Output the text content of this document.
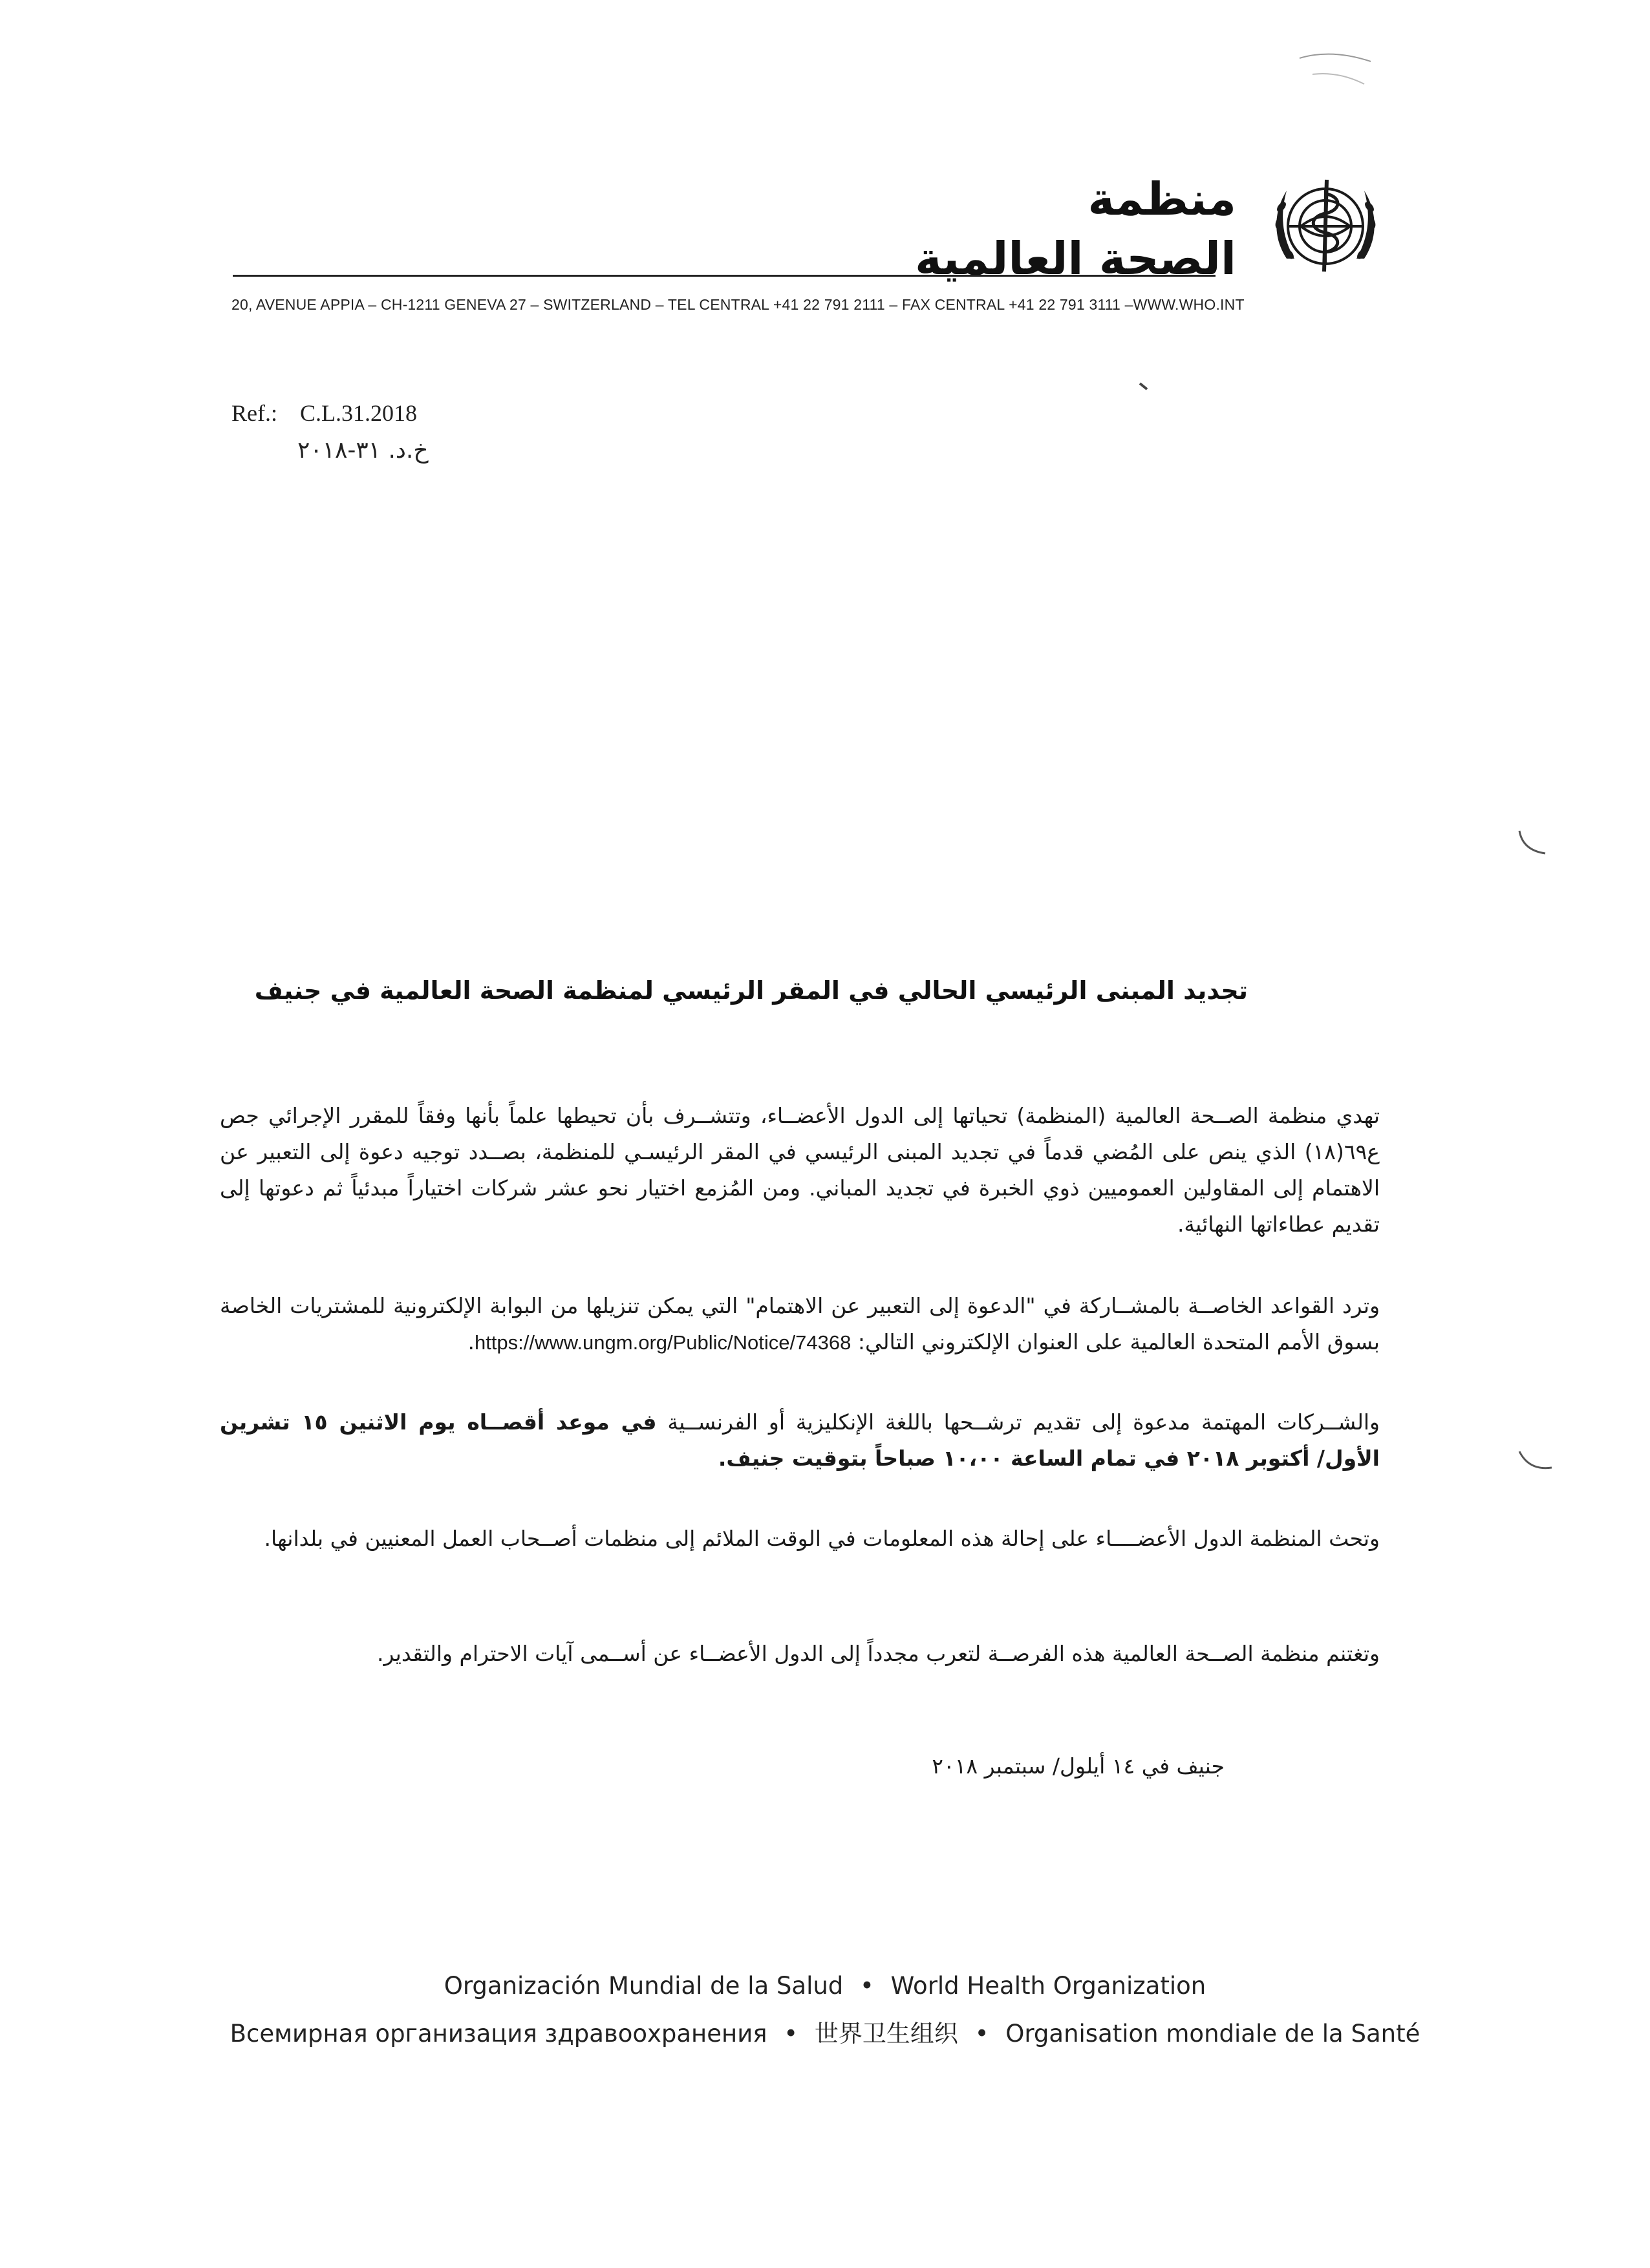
منظمة
الصحة العالمية
20, AVENUE APPIA – CH-1211 GENEVA 27 – SWITZERLAND – TEL CENTRAL +41 22 791 2111 – FAX CENTRAL +41 22 791 3111 –WWW.WHO.INT
Ref.: C.L.31.2018
خ.د. ٣١-٢٠١٨
تجديد المبنى الرئيسي الحالي في المقر الرئيسي لمنظمة الصحة العالمية في جنيف
تهدي منظمة الصــحة العالمية (المنظمة) تحياتها إلى الدول الأعضــاء، وتتشــرف بأن تحيطها علماً بأنها وفقاً للمقرر الإجرائي جص ع٦٩(١٨) الذي ينص على المُضي قدماً في تجديد المبنى الرئيسي في المقر الرئيسـي للمنظمة، بصــدد توجيه دعوة إلى التعبير عن الاهتمام إلى المقاولين العموميين ذوي الخبرة في تجديد المباني. ومن المُزمع اختيار نحو عشر شركات اختياراً مبدئياً ثم دعوتها إلى تقديم عطاءاتها النهائية.
وترد القواعد الخاصــة بالمشــاركة في "الدعوة إلى التعبير عن الاهتمام" التي يمكن تنزيلها من البوابة الإلكترونية للمشتريات الخاصة بسوق الأمم المتحدة العالمية على العنوان الإلكتروني التالي: https://www.ungm.org/Public/Notice/74368.
والشــركات المهتمة مدعوة إلى تقديم ترشــحها باللغة الإنكليزية أو الفرنســية في موعد أقصــاه يوم الاثنين ١٥ تشرين الأول/ أكتوبر ٢٠١٨ في تمام الساعة ١٠،٠٠ صباحاً بتوقيت جنيف.
وتحث المنظمة الدول الأعضــــاء على إحالة هذه المعلومات في الوقت الملائم إلى منظمات أصــحاب العمل المعنيين في بلدانها.
وتغتنم منظمة الصــحة العالمية هذه الفرصــة لتعرب مجدداً إلى الدول الأعضــاء عن أســمى آيات الاحترام والتقدير.
جنيف في ١٤ أيلول/ سبتمبر ٢٠١٨
Organización Mundial de la Salud • World Health Organization
Всемирная организация здравоохранения • 世界卫生组织 • Organisation mondiale de la Santé
